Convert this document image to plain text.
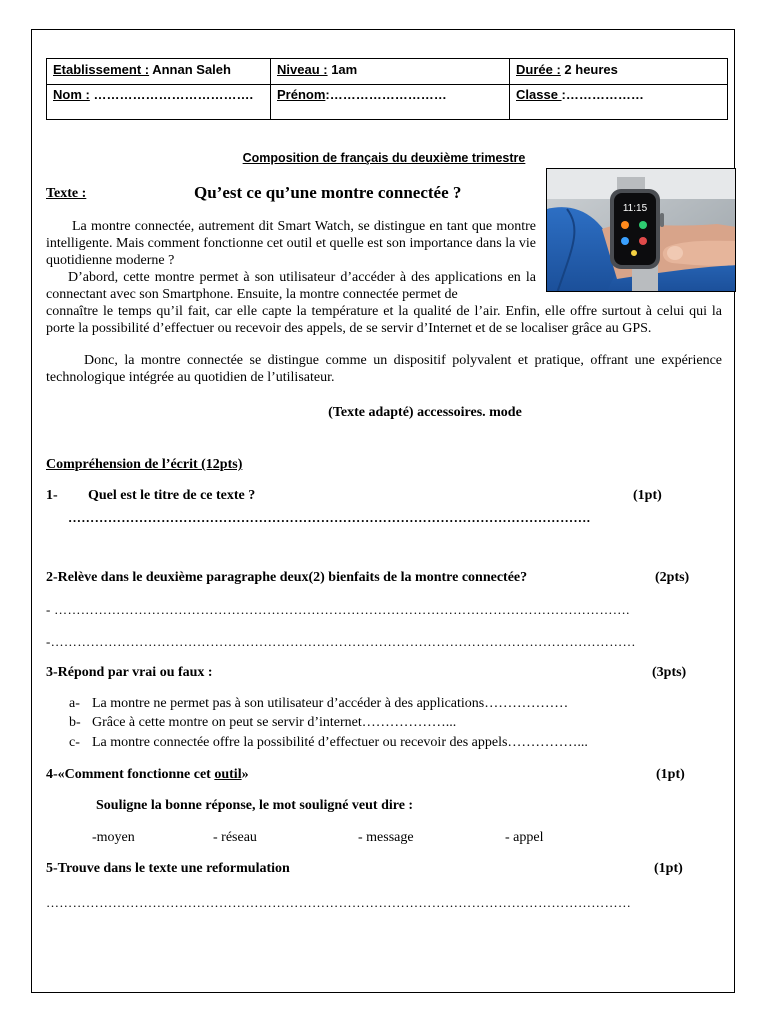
Etablissement : Annan Saleh	Niveau : 1am	Durée : 2 heures
Nom : ……………………………….	Prénom:………………………	Classe :………………
Composition de français du deuxième trimestre
Texte :	Qu’est ce qu’une montre connectée ?
11:15
La montre connectée, autrement dit Smart Watch, se distingue en tant que montre intelligente. Mais comment fonctionne cet outil et quelle est son importance dans la vie quotidienne moderne ?
D’abord, cette montre permet à son utilisateur d’accéder à des applications en la connectant avec son Smartphone. Ensuite, la montre connectée permet de
connaître le temps qu’il fait, car elle capte la température et la qualité de l’air. Enfin, elle offre surtout à celui qui la porte la possibilité d’effectuer ou recevoir des appels, de se servir d’Internet et de se localiser grâce au GPS.
Donc, la montre connectée se distingue comme un dispositif polyvalent et pratique, offrant une expérience technologique intégrée au quotidien de l’utilisateur.
(Texte adapté) accessoires. mode
Compréhension de l’écrit (12pts)
1- Quel est le titre de ce texte ?	(1pt)
……………………………………………………………………………………………………….
2-Relève dans le deuxième paragraphe deux(2) bienfaits de la montre connectée?	(2pts)
- ………………………………………………………………………………………………………………….
-……………………………………………………………………………………………………………………
3-Répond par vrai ou faux :	(3pts)
a- La montre ne permet pas à son utilisateur d’accéder à des applications………………
b- Grâce à cette montre on peut se servir d’internet………………...
c- La montre connectée offre la possibilité d’effectuer ou recevoir des appels……………...
4-«Comment fonctionne cet outil»	(1pt)
Souligne la bonne réponse, le mot souligné veut dire :
-moyen	- réseau	- message	- appel
5-Trouve dans le texte une reformulation	(1pt)
……………………………………………………………………………………………………………………
